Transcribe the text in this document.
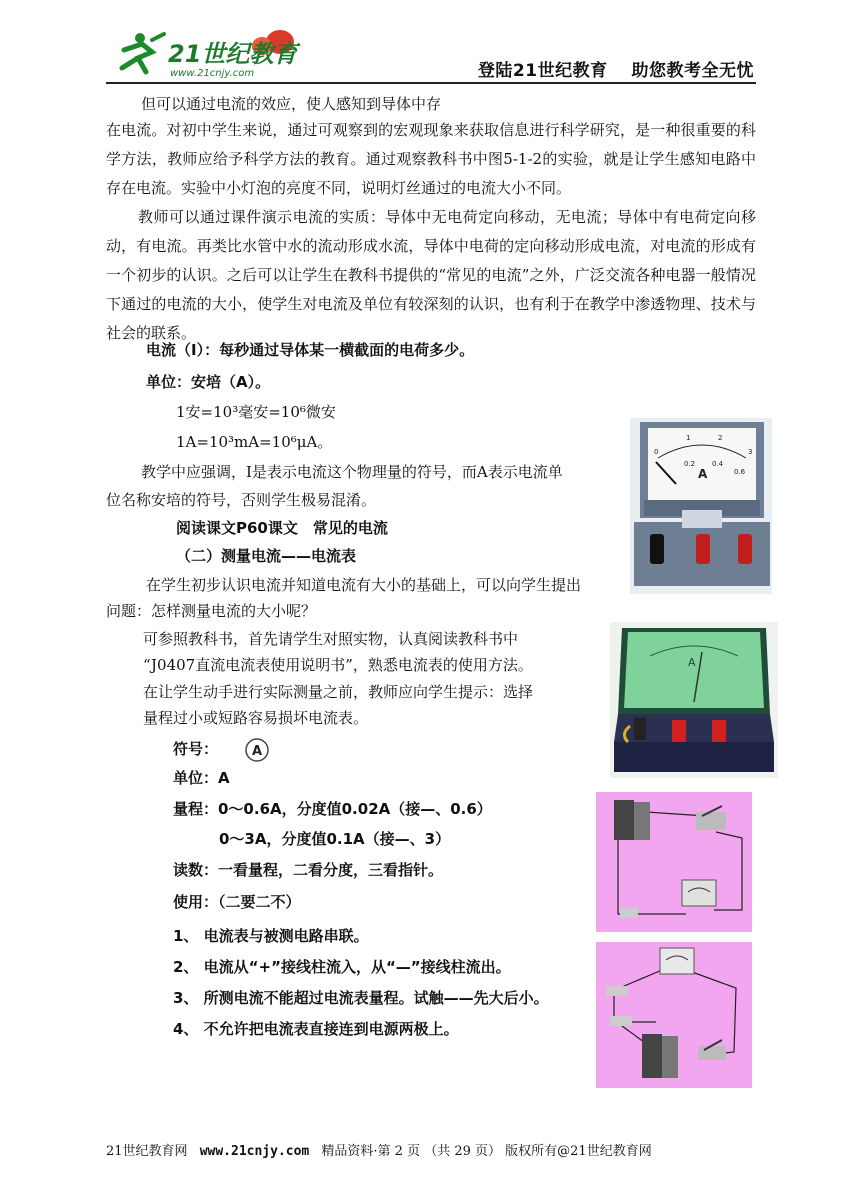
21世纪教育
www.21cnjy.com	登陆21世纪教育　 助您教考全无忧
但可以通过电流的效应，使人感知到导体中存
在电流。对初中学生来说，通过可观察到的宏观现象来获取信息进行科学研究，是一种很重要的科学方法，教师应给予科学方法的教育。通过观察教科书中图5-1-2的实验，就是让学生感知电路中存在电流。实验中小灯泡的亮度不同，说明灯丝通过的电流大小不同。
教师可以通过课件演示电流的实质：导体中无电荷定向移动，无电流；导体中有电荷定向移动，有电流。再类比水管中水的流动形成水流，导体中电荷的定向移动形成电流，对电流的形成有一个初步的认识。之后可以让学生在教科书提供的“常见的电流”之外，广泛交流各种电器一般情况下通过的电流的大小，使学生对电流及单位有较深刻的认识，也有利于在教学中渗透物理、技术与社会的联系。
电流（I）：每秒通过导体某一横截面的电荷多少。
单位：安培（A）。
1安=10³毫安=10⁶微安
1A=10³mA=10⁶μA。
教学中应强调，I是表示电流这个物理量的符号，而A表示电流单
位名称安培的符号，否则学生极易混淆。
阅读课文P60课文　常见的电流
（二）测量电流——电流表
在学生初步认识电流并知道电流有大小的基础上，可以向学生提出
问题：怎样测量电流的大小呢？
可参照教科书，首先请学生对照实物，认真阅读教科书中
“J0407直流电流表使用说明书”，熟悉电流表的使用方法。
在让学生动手进行实际测量之前，教师应向学生提示：选择
量程过小或短路容易损坏电流表。
符号：	A
单位：A
量程：0～0.6A，分度值0.02A（接—、0.6）
0～3A，分度值0.1A（接—、3）
读数：一看量程，二看分度，三看指针。
使用：（二要二不）
1、 电流表与被测电路串联。
2、 电流从“+”接线柱流入，从“—”接线柱流出。
3、 所测电流不能超过电流表量程。试触——先大后小。
4、 不允许把电流表直接连到电源两极上。
0
1	2
3
0.2 0.4
0.6
A
A
21世纪教育网 www.21cnjy.com 精品资料·第 2 页 （共 29 页） 版权所有@21世纪教育网
